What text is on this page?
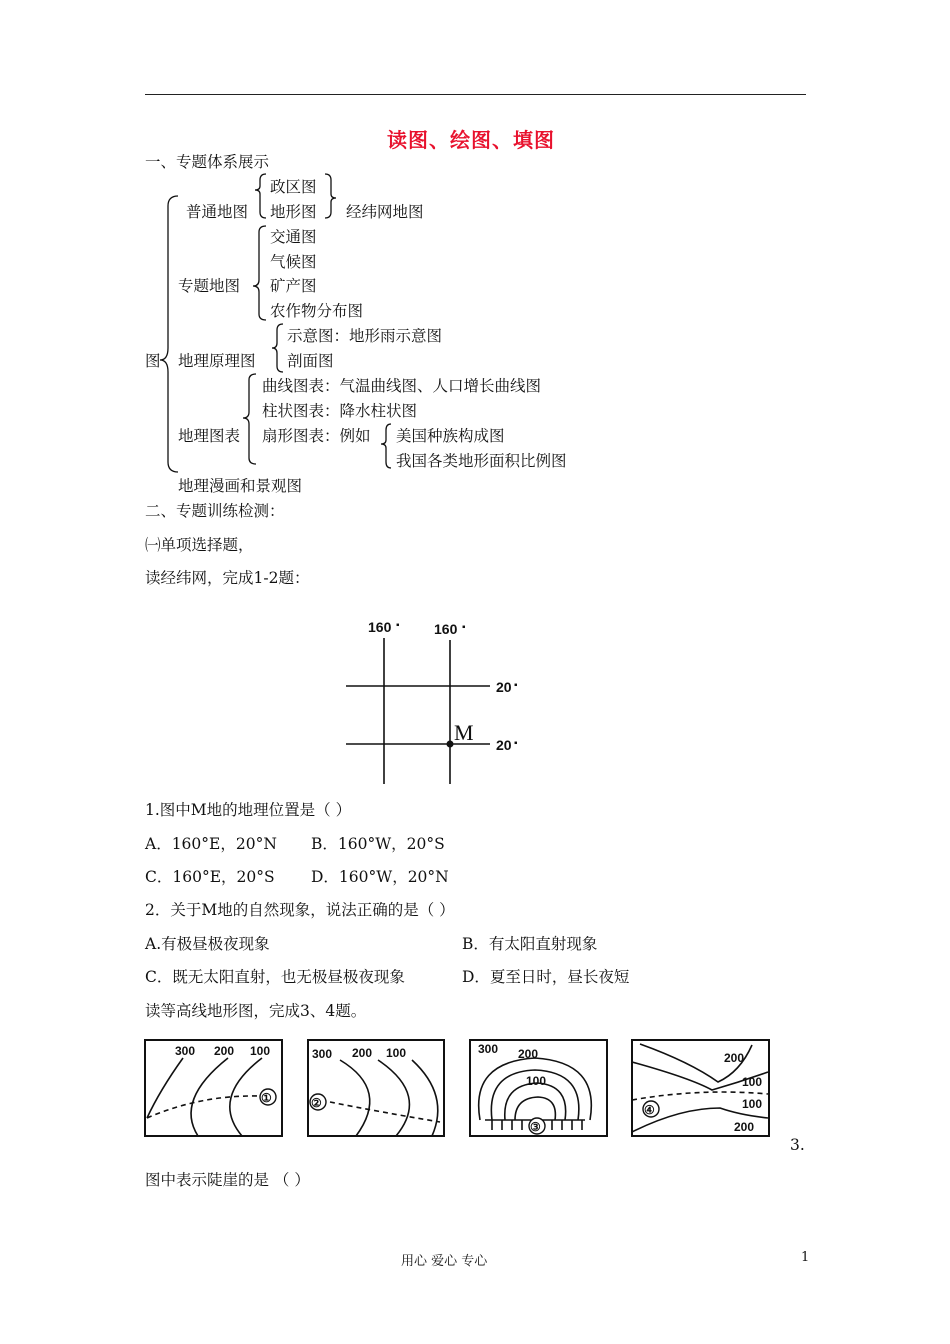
读图、绘图、填图
一、专题体系展示
图
普通地图
政区图
地形图 经纬网地图
专题地图
交通图
气候图
矿产图
农作物分布图
地理原理图
示意图：地形雨示意图
剖面图
地理图表
曲线图表：气温曲线图、人口增长曲线图
柱状图表：降水柱状图
扇形图表：例如 美国种族构成图
我国各类地形面积比例图
地理漫画和景观图
二、专题训练检测：
㈠单项选择题，
读经纬网，完成1-2题：
160 ▪ 160 ▪
20 ▪
20 ▪
M
1.图中M地的地理位置是（ ）
A．160°E，20°N B．160°W，20°S
C．160°E，20°S D．160°W，20°N
2．关于M地的自然现象，说法正确的是（ ）
A.有极昼极夜现象	B．有太阳直射现象
C．既无太阳直射，也无极昼极夜现象	D．夏至日时，昼长夜短
读等高线地形图，完成3、4题。
①
300 200 100
②
300 200 100
③
300 200
100
④
200
100
100
200
3.
图中表示陡崖的是 （ ）
用心 爱心 专心	1
